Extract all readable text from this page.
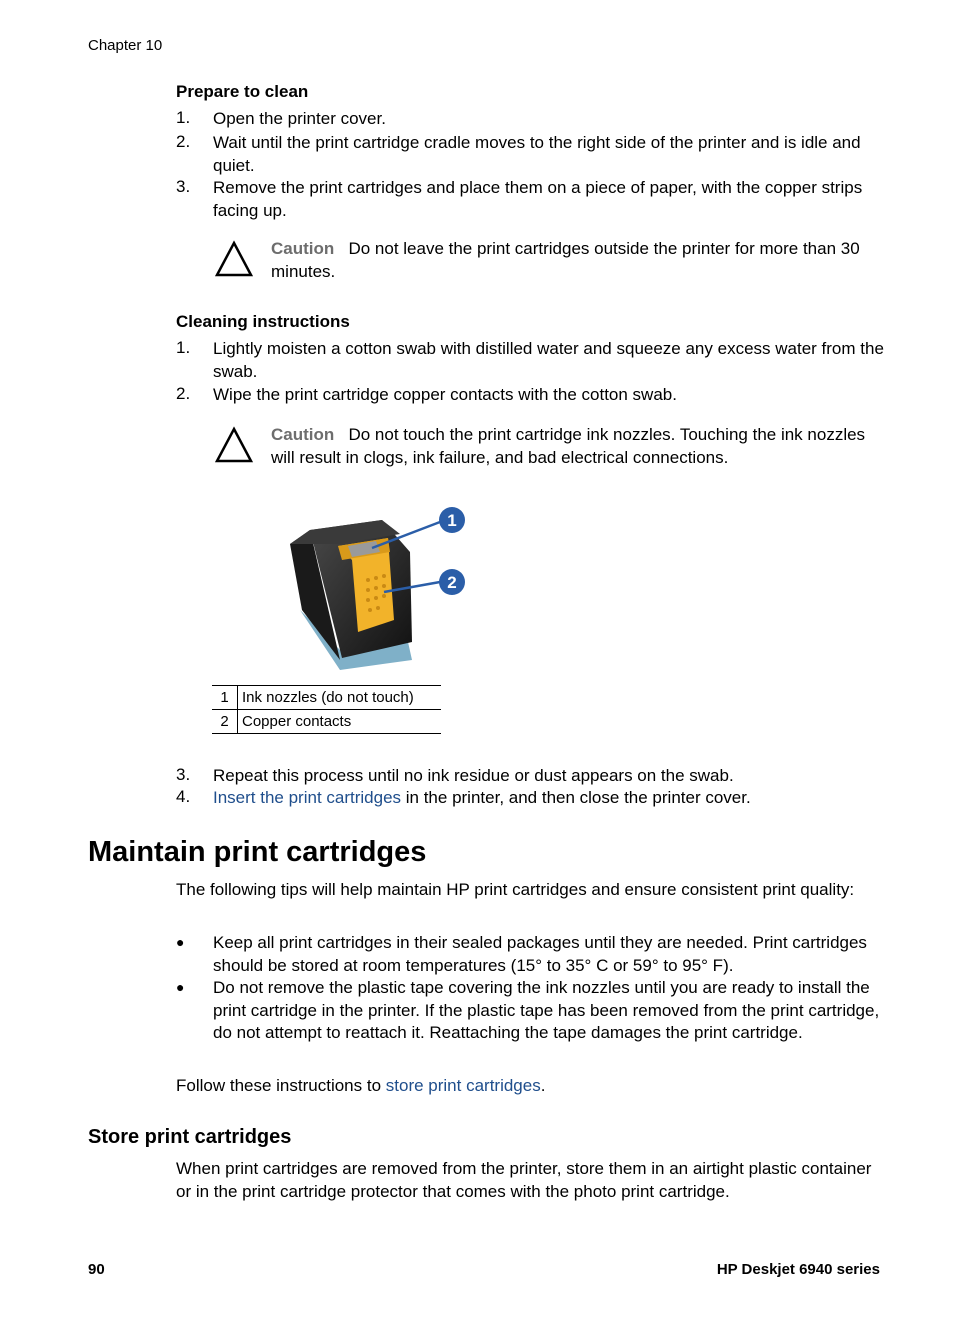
Chapter 10
Prepare to clean
1. Open the printer cover.
2. Wait until the print cartridge cradle moves to the right side of the printer and is idle and quiet.
3. Remove the print cartridges and place them on a piece of paper, with the copper strips facing up.
Caution Do not leave the print cartridges outside the printer for more than 30 minutes.
Cleaning instructions
1. Lightly moisten a cotton swab with distilled water and squeeze any excess water from the swab.
2. Wipe the print cartridge copper contacts with the cotton swab.
Caution Do not touch the print cartridge ink nozzles. Touching the ink nozzles will result in clogs, ink failure, and bad electrical connections.
1
2
1	Ink nozzles (do not touch)
2	Copper contacts
3. Repeat this process until no ink residue or dust appears on the swab.
4. Insert the print cartridges in the printer, and then close the printer cover.
Maintain print cartridges
The following tips will help maintain HP print cartridges and ensure consistent print quality:
● Keep all print cartridges in their sealed packages until they are needed. Print cartridges should be stored at room temperatures (15° to 35° C or 59° to 95° F).
● Do not remove the plastic tape covering the ink nozzles until you are ready to install the print cartridge in the printer. If the plastic tape has been removed from the print cartridge, do not attempt to reattach it. Reattaching the tape damages the print cartridge.
Follow these instructions to store print cartridges.
Store print cartridges
When print cartridges are removed from the printer, store them in an airtight plastic container or in the print cartridge protector that comes with the photo print cartridge.
90	HP Deskjet 6940 series
